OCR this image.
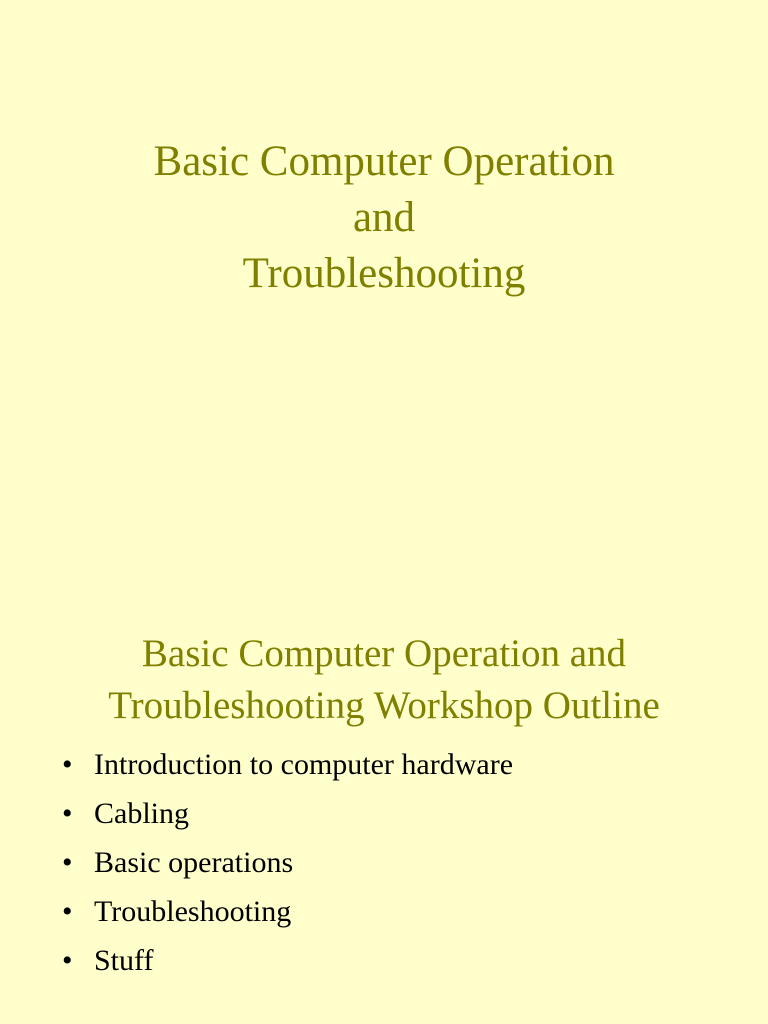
Basic Computer Operation
and
Troubleshooting
Basic Computer Operation and
Troubleshooting Workshop Outline
• Introduction to computer hardware
• Cabling
• Basic operations
• Troubleshooting
• Stuff
